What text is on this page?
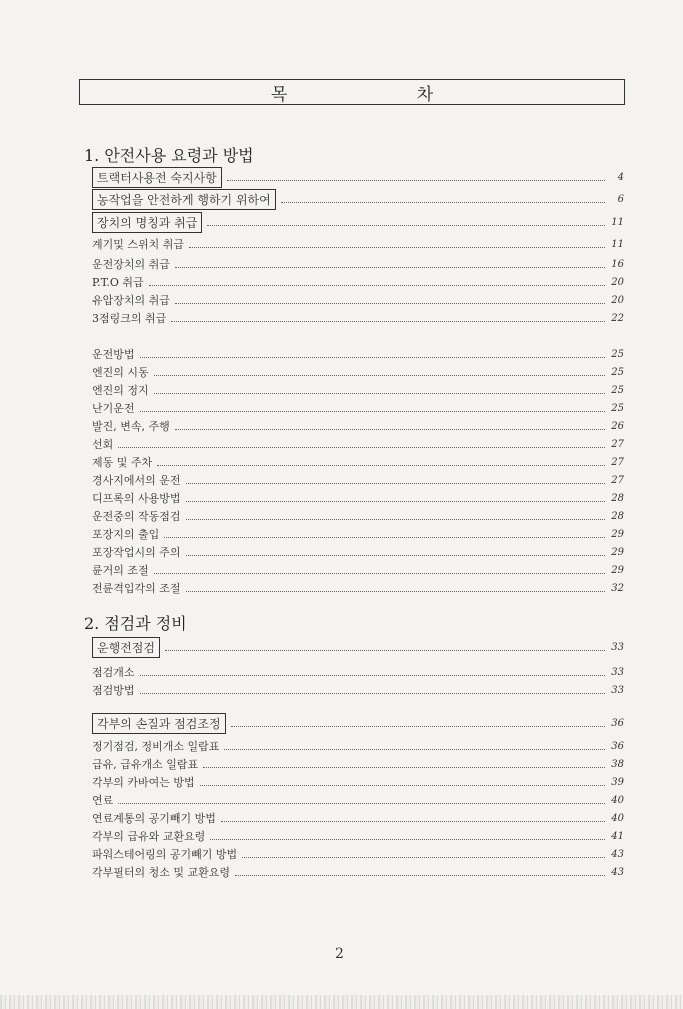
목 차
1. 안전사용 요령과 방법
트랙터사용전 숙지사항	4
농작업을 안전하게 행하기 위하여	6
장치의 명칭과 취급	11
계기및 스위치 취급	11
운전장치의 취급	16
P.T.O 취급	20
유압장치의 취급	20
3점링크의 취급	22
운전방법	25
엔진의 시동	25
엔진의 정지	25
난기운전	25
발진, 변속, 주행	26
선회	27
제동 및 주차	27
경사지에서의 운전	27
디프록의 사용방법	28
운전중의 작동점검	28
포장지의 출입	29
포장작업시의 주의	29
륜거의 조절	29
전륜격입각의 조절	32
2. 점검과 정비
운행전점검	33
점검개소	33
점검방법	33
각부의 손질과 점검조정	36
정기점검, 정비개소 일람표	36
급유, 급유개소 일람표	38
각부의 카바여는 방법	39
연료	40
연료계통의 공기빼기 방법	40
각부의 급유와 교환요령	41
파워스테어링의 공기빼기 방법	43
각부필터의 청소 및 교환요령	43
2
